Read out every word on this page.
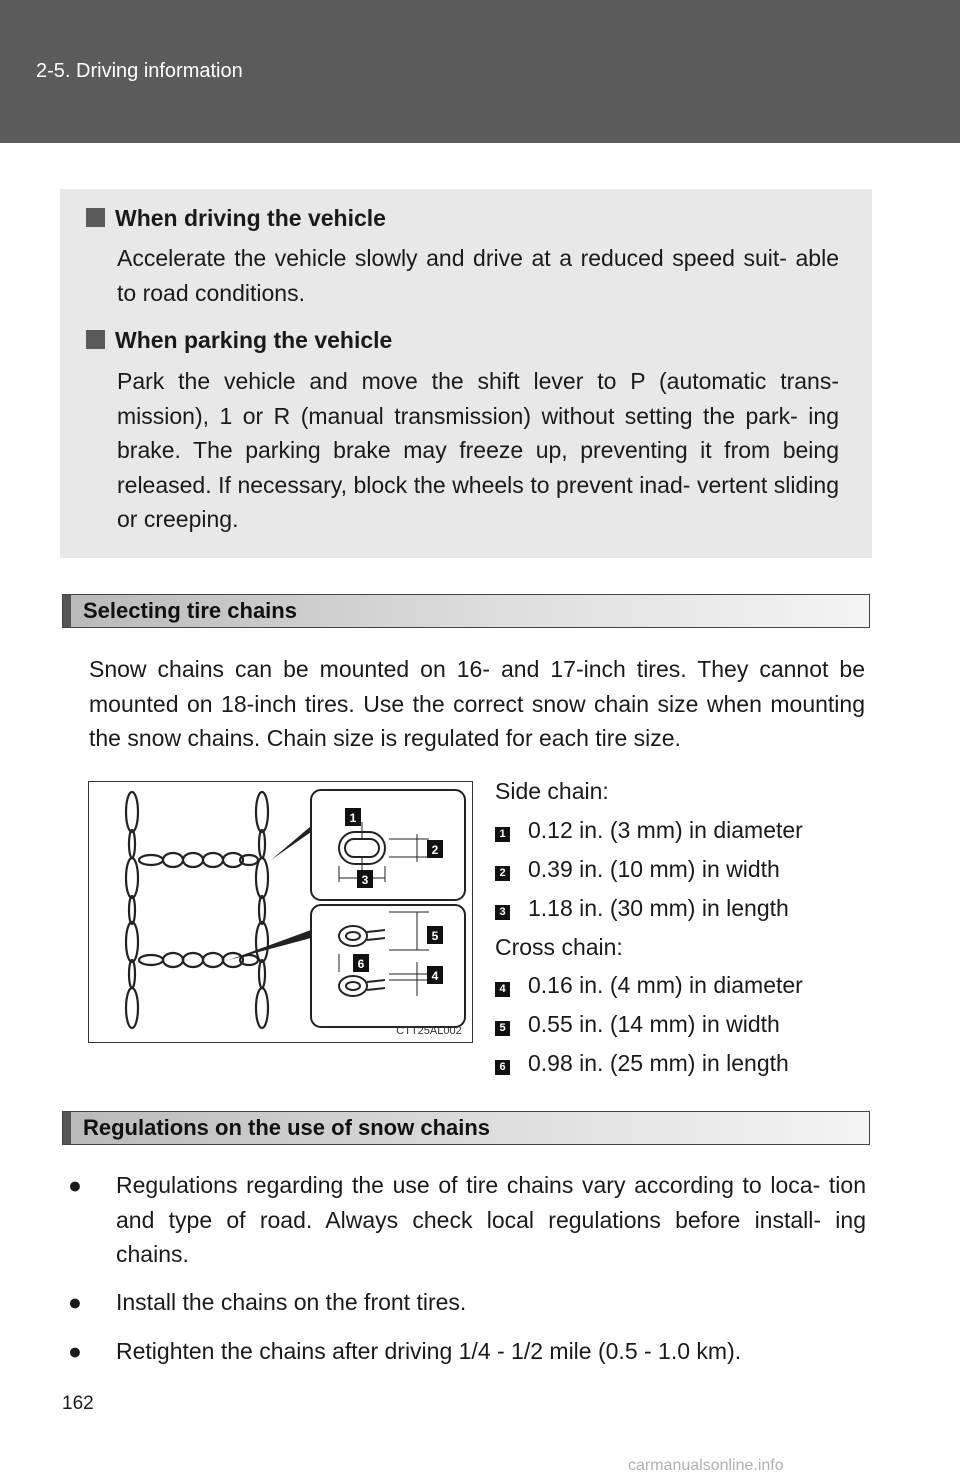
2-5. Driving information
When driving the vehicle
Accelerate the vehicle slowly and drive at a reduced speed suit- able to road conditions.
When parking the vehicle
Park the vehicle and move the shift lever to P (automatic trans- mission), 1 or R (manual transmission) without setting the park- ing brake. The parking brake may freeze up, preventing it from being released. If necessary, block the wheels to prevent inad- vertent sliding or creeping.
Selecting tire chains
Snow chains can be mounted on 16- and 17-inch tires. They cannot be mounted on 18-inch tires. Use the correct snow chain size when mounting the snow chains. Chain size is regulated for each tire size.
1
2
3
5
6
4
CTT25AL002
Side chain:
1 0.12 in. (3 mm) in diameter
2 0.39 in. (10 mm) in width
3 1.18 in. (30 mm) in length
Cross chain:
4 0.16 in. (4 mm) in diameter
5 0.55 in. (14 mm) in width
6 0.98 in. (25 mm) in length
Regulations on the use of snow chains
●	Regulations regarding the use of tire chains vary according to loca- tion and type of road. Always check local regulations before install- ing chains.
●	Install the chains on the front tires.
●	Retighten the chains after driving 1/4 - 1/2 mile (0.5 - 1.0 km).
162
carmanualsonline.info
